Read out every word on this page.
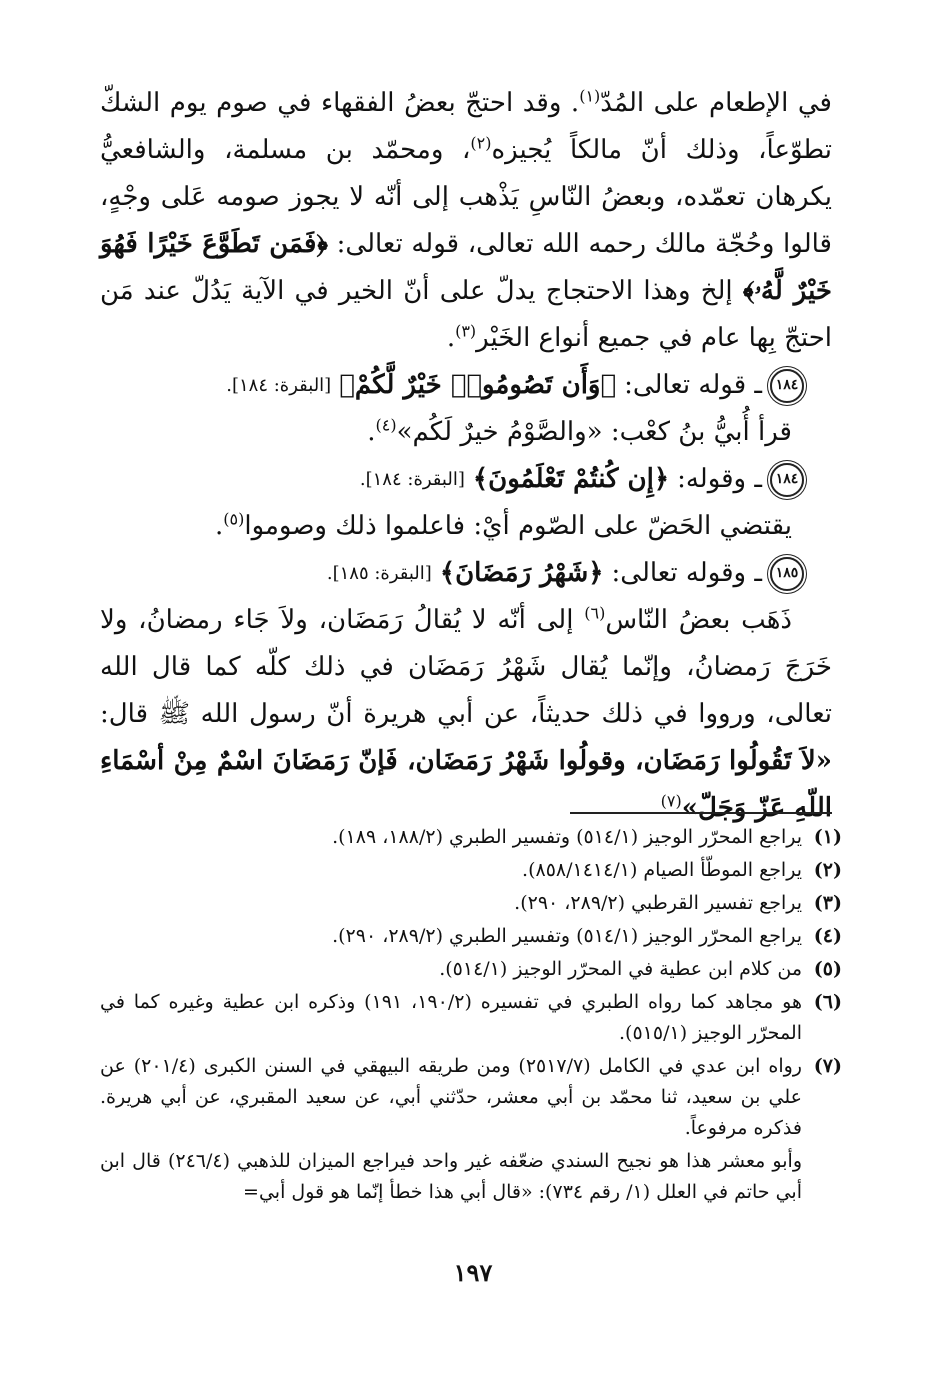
في الإطعام على المُدّ$^{(١)}$. وقد احتجّ بعضُ الفقهاء في صوم يوم الشكّ تطوّعاً، وذلك أنّ مالكاً يُجيزه$^{(٢)}$، ومحمّد بن مسلمة، والشافعيُّ يكرهان تعمّده، وبعضُ النّاسِ يَذْهب إلى أنّه لا يجوز صومه عَلى وجْهٍ، قالوا وحُجّة مالك رحمه الله تعالى، قوله تعالى: ﴿فَمَن تَطَوَّعَ خَيْرًا فَهُوَ خَيْرٌ لَّهُۥ﴾ إلخ وهذا الاحتجاج يدلّ على أنّ الخير في الآية يَدُلّ عند مَن احتجّ بِها عام في جميع أنواع الخَيْر$^{(٣)}$.

١٨٤
ـ قوله تعالى:
﴿وَأَن تَصُومُوا۟ خَيْرٌ لَّكُمْ﴾
[البقرة: ١٨٤].

قرأ أُبيُّ بنُ كعْب: «والصَّوْمُ خيرٌ لَكُم»$^{(٤)}$.

١٨٤
ـ وقوله:
﴿إِن كُنتُمْ تَعْلَمُونَ﴾
[البقرة: ١٨٤].

يقتضي الحَضّ على الصّوم أيْ: فاعلموا ذلك وصوموا$^{(٥)}$.

١٨٥
ـ وقوله تعالى:
﴿شَهْرُ رَمَضَانَ﴾
[البقرة: ١٨٥].

ذَهَب بعضُ النّاس$^{(٦)}$ إلى أنّه لا يُقالُ رَمَضَان، ولاَ جَاء رمضانُ، ولا خَرَجَ رَمضانُ، وإنّما يُقال شَهْرُ رَمَضَان في ذلك كلّه كما قال الله تعالى، ورووا في ذلك حديثاً، عن أبي هريرة أنّ رسول الله ﷺ قال: «لاَ تَقُولُوا رَمَضَان، وقولُوا شَهْرُ رَمَضَان، فَإنّ رَمَضَانَ اسْمٌ مِنْ أسْمَاءِ اللّهِ عَزّ وَجَلّ»$^{(٧)}$

(١)
يراجع المحرّر الوجيز (٥١٤/١) وتفسير الطبري (١٨٨/٢، ١٨٩).
(٢)
يراجع الموطّأ الصيام (٨٥٨/١٤١٤/١).
(٣)
يراجع تفسير القرطبي (٢٨٩/٢، ٢٩٠).
(٤)
يراجع المحرّر الوجيز (٥١٤/١) وتفسير الطبري (٢٨٩/٢، ٢٩٠).
(٥)
من كلام ابن عطية في المحرّر الوجيز (٥١٤/١).
(٦)
هو مجاهد كما رواه الطبري في تفسيره (١٩٠/٢، ١٩١) وذكره ابن عطية وغيره كما في المحرّر الوجيز (٥١٥/١).
(٧)
رواه ابن عدي في الكامل (٢٥١٧/٧) ومن طريقه البيهقي في السنن الكبرى (٢٠١/٤) عن علي بن سعيد، ثنا محمّد بن أبي معشر، حدّثني أبي، عن سعيد المقبري، عن أبي هريرة. فذكره مرفوعاً.
وأبو معشر هذا هو نجيح السندي ضعّفه غير واحد فيراجع الميزان للذهبي (٢٤٦/٤) قال ابن أبي حاتم في العلل (١/ رقم ٧٣٤): «قال أبي هذا خطأ إنّما هو قول أبي=
١٩٧
